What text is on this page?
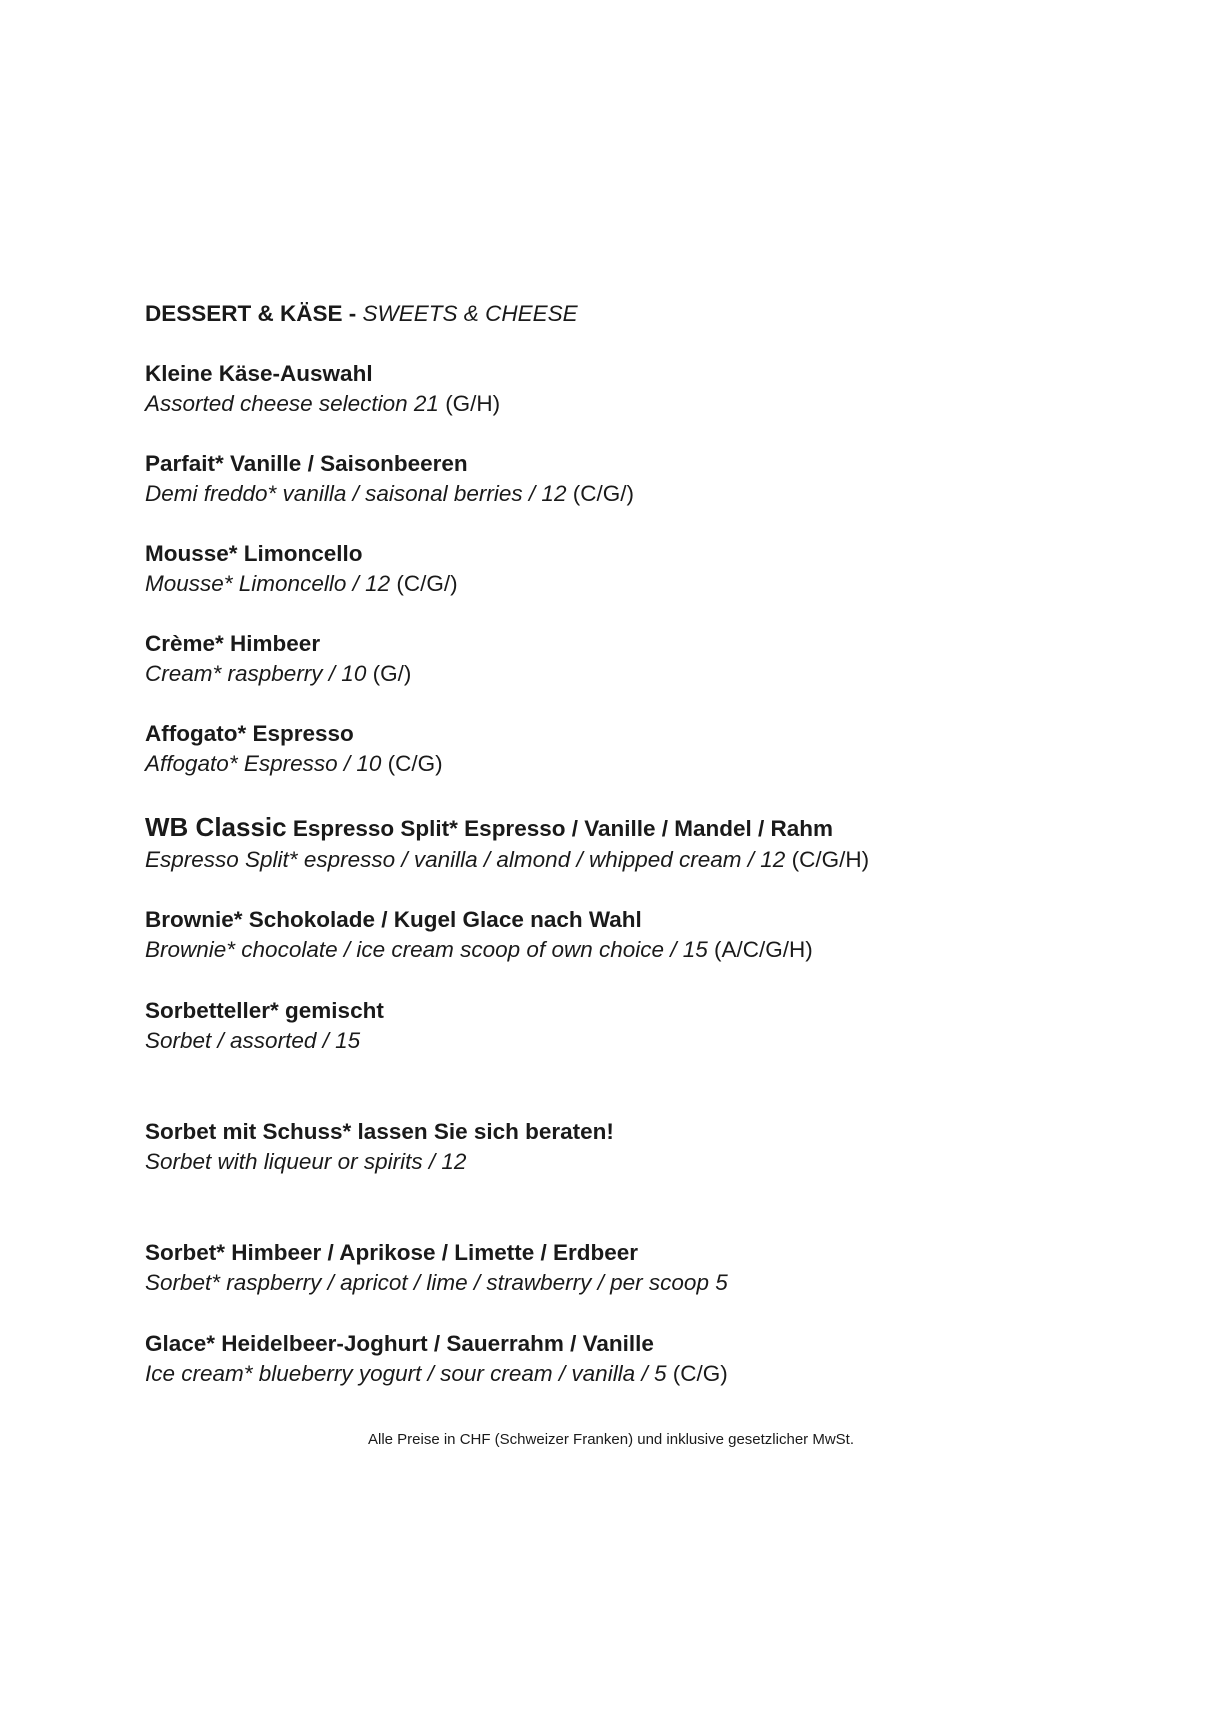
DESSERT & KÄSE - SWEETS & CHEESE
Kleine Käse-Auswahl
Assorted cheese selection 21 (G/H)
Parfait* Vanille / Saisonbeeren
Demi freddo* vanilla / saisonal berries / 12 (C/G/)
Mousse* Limoncello
Mousse* Limoncello / 12 (C/G/)
Crème* Himbeer
Cream* raspberry / 10 (G/)
Affogato* Espresso
Affogato* Espresso / 10 (C/G)
WB Classic Espresso Split* Espresso / Vanille / Mandel / Rahm
Espresso Split* espresso / vanilla / almond / whipped cream / 12 (C/G/H)
Brownie* Schokolade / Kugel Glace nach Wahl
Brownie* chocolate / ice cream scoop of own choice / 15 (A/C/G/H)
Sorbetteller* gemischt
Sorbet / assorted / 15
Sorbet mit Schuss* lassen Sie sich beraten!
Sorbet with liqueur or spirits / 12
Sorbet* Himbeer / Aprikose / Limette / Erdbeer
Sorbet* raspberry / apricot / lime / strawberry / per scoop 5
Glace* Heidelbeer-Joghurt / Sauerrahm / Vanille
Ice cream* blueberry yogurt / sour cream / vanilla / 5 (C/G)
Alle Preise in CHF (Schweizer Franken) und inklusive gesetzlicher MwSt.
